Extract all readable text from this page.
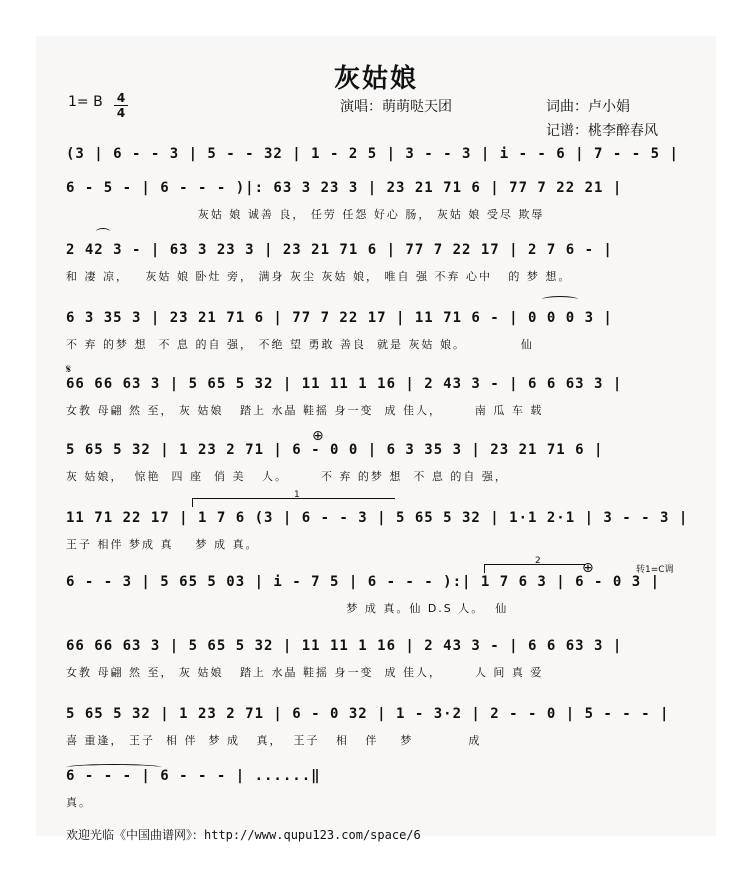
灰姑娘
1= B 4
4	演唱：萌萌哒天团	词曲：卢小娟
记谱：桃李醉春风
(3 | 6 - - 3 | 5 - - 32 | 1 - 2 5 | 3 - - 3 | i - - 6 | 7 - - 5 |
6 - 5 - | 6 - - - )|: 63 3 23 3 | 23 21 71 6 | 77 7 22 21 |
灰姑 娘 诚善 良， 任劳 任怨 好心 肠， 灰姑 娘 受尽 欺辱
2 42 3 - | 63 3 23 3 | 23 21 71 6 | 77 7 22 17 | 2 7 6 - |
和 凄 凉，   灰姑 娘 卧灶 旁， 满身 灰尘 灰姑 娘， 唯自 强 不弃 心中   的 梦 想。
6 3 35 3 | 23 21 71 6 | 77 7 22 17 | 11 71 6 - | 0 0 0 3 |
不 弃 的梦 想  不 息 的自 强， 不绝 望 勇敢 善良  就是 灰姑 娘。          仙
66 66 63 3 | 5 65 5 32 | 11 11 1 16 | 2 43 3 - | 6 6 63 3 |
女教 母翩 然 至， 灰 姑娘   踏上 水晶 鞋摇 身一变  成 佳人，      南 瓜 车 载
5 65 5 32 | 1 23 2 71 | 6 - 0 0 | 6 3 35 3 | 23 21 71 6 |
灰 姑娘，  惊艳  四 座  俏 美   人。      不 弃 的梦 想  不 息 的自 强，
11 71 22 17 | 1 7 6 (3 | 6 - - 3 | 5 65 5 32 | 1·1 2·1 | 3 - - 3 |
王子 相伴 梦成 真    梦 成 真。
6 - - 3 | 5 65 5 03 | i - 7 5 | 6 - - - ):| 1 7 6 3 | 6 - 0 3 |
梦 成 真。仙 D.S 人。  仙
66 66 63 3 | 5 65 5 32 | 11 11 1 16 | 2 43 3 - | 6 6 63 3 |
女教 母翩 然 至， 灰 姑娘   踏上 水晶 鞋摇 身一变  成 佳人，      人 间 真 爱
5 65 5 32 | 1 23 2 71 | 6 - 0 32 | 1 - 3·2 | 2 - - 0 | 5 - - - |
喜 重逢， 王子  相 伴  梦 成   真，  王子   相   伴    梦          成
6 - - - | 6 - - - | ......‖
真。
𝄋
⊕
⊕
1
2
转1=C调
欢迎光临《中国曲谱网》：http://www.qupu123.com/space/6
